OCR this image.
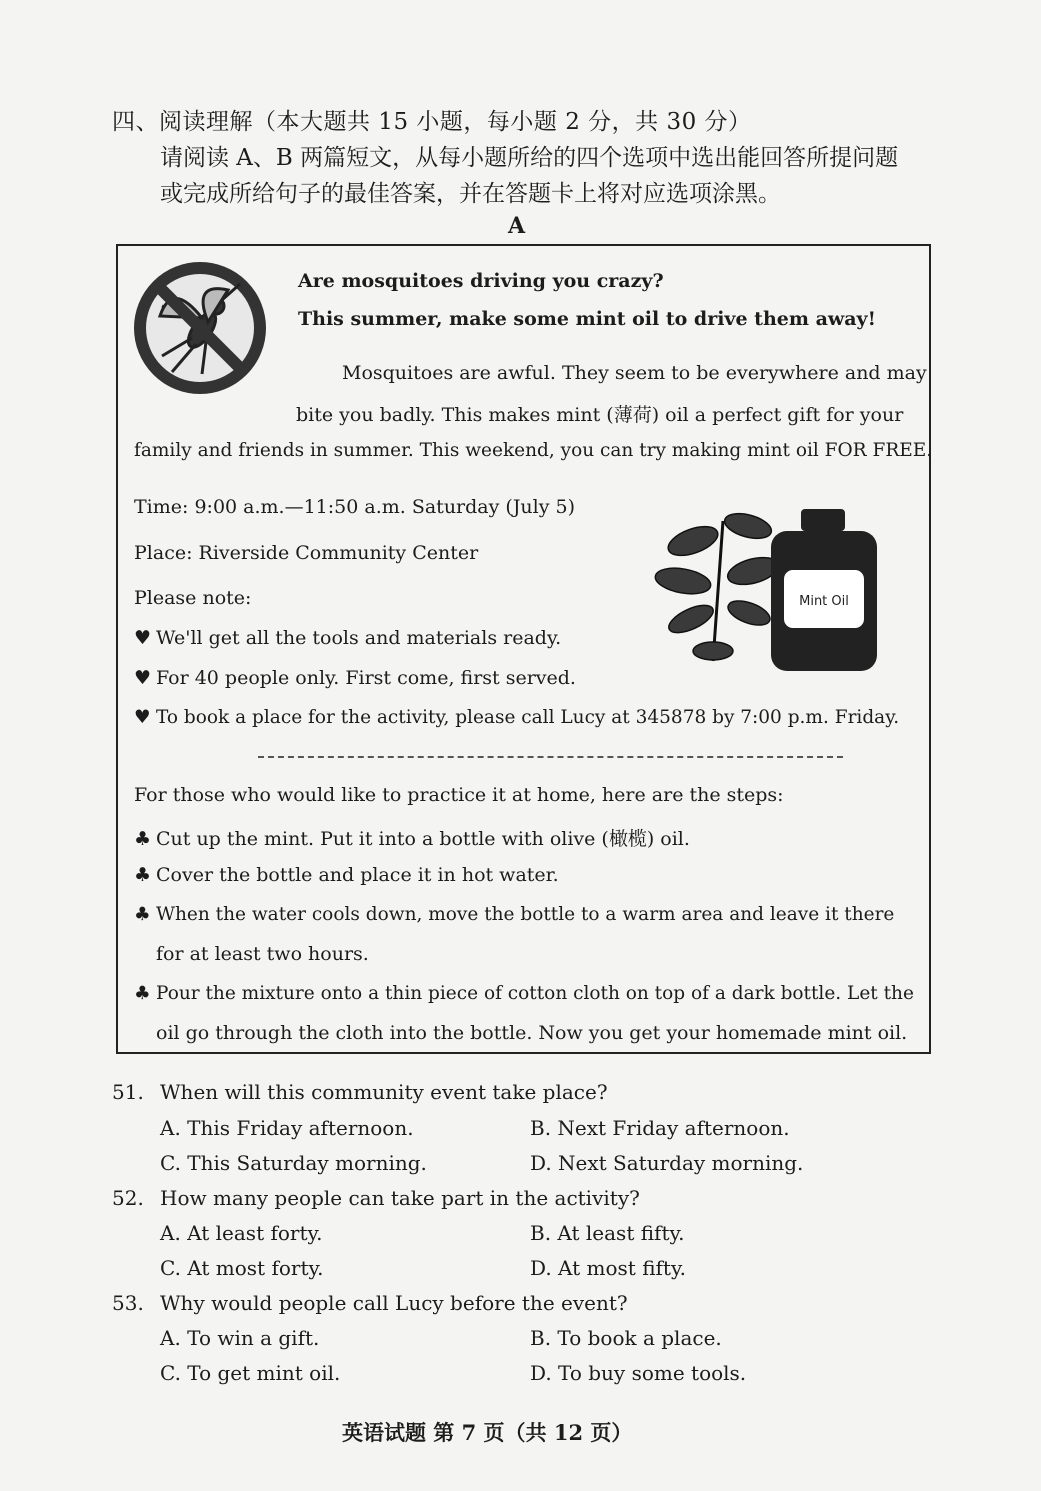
四、阅读理解（本大题共 15 小题，每小题 2 分，共 30 分）
请阅读 A、B 两篇短文，从每小题所给的四个选项中选出能回答所提问题
或完成所给句子的最佳答案，并在答题卡上将对应选项涂黑。
A
Are mosquitoes driving you crazy?
This summer, make some mint oil to drive them away!
Mosquitoes are awful. They seem to be everywhere and may
bite you badly. This makes mint (薄荷) oil a perfect gift for your
family and friends in summer. This weekend, you can try making mint oil FOR FREE.
Time: 9:00 a.m.—11:50 a.m. Saturday (July 5)
Place: Riverside Community Center
Please note:
♥ We'll get all the tools and materials ready.
♥ For 40 people only. First come, first served.
♥ To book a place for the activity, please call Lucy at 345878 by 7:00 p.m. Friday.
Mint Oil
For those who would like to practice it at home, here are the steps:
♣ Cut up the mint. Put it into a bottle with olive (橄榄) oil.
♣ Cover the bottle and place it in hot water.
♣ When the water cools down, move the bottle to a warm area and leave it there
for at least two hours.
♣ Pour the mixture onto a thin piece of cotton cloth on top of a dark bottle. Let the
oil go through the cloth into the bottle. Now you get your homemade mint oil.
51. When will this community event take place?
A. This Friday afternoon.	B. Next Friday afternoon.
C. This Saturday morning.	D. Next Saturday morning.
52. How many people can take part in the activity?
A. At least forty.	B. At least fifty.
C. At most forty.	D. At most fifty.
53. Why would people call Lucy before the event?
A. To win a gift.	B. To book a place.
C. To get mint oil.	D. To buy some tools.
英语试题 第 7 页（共 12 页）
